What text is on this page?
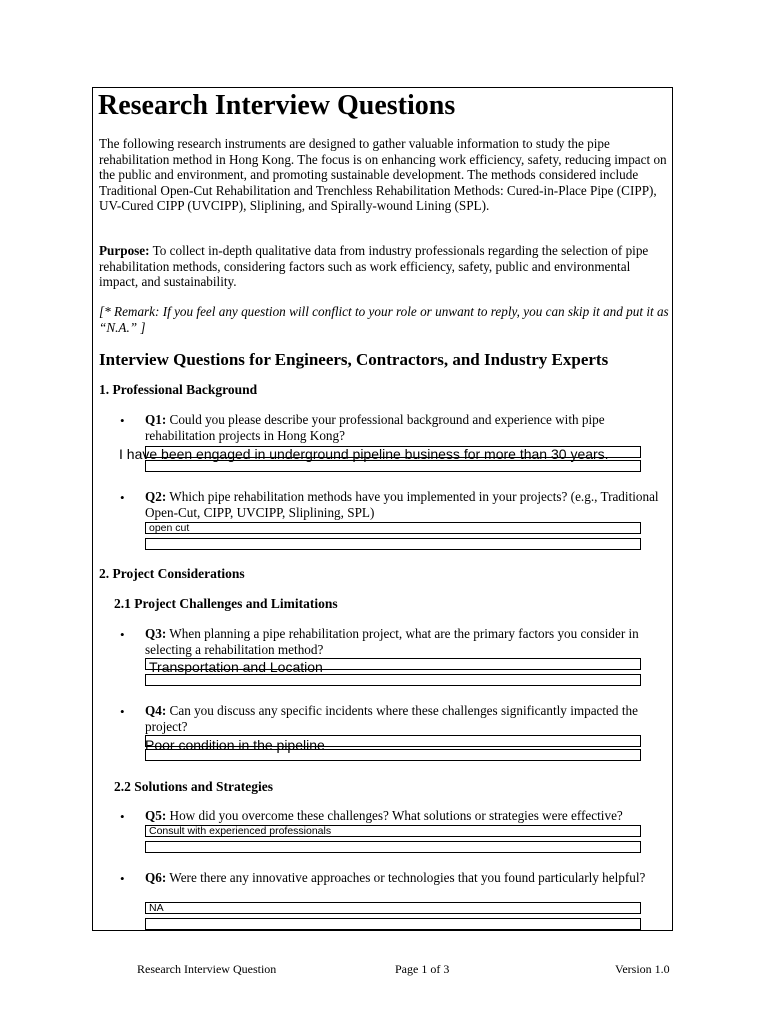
Research Interview Questions

The following research instruments are designed to gather valuable information to study the pipe rehabilitation method in Hong Kong. The focus is on enhancing work efficiency, safety, reducing impact on the public and environment, and promoting sustainable development. The methods considered include Traditional Open-Cut Rehabilitation and Trenchless Rehabilitation Methods: Cured-in-Place Pipe (CIPP), UV-Cured CIPP (UVCIPP), Sliplining, and Spirally-wound Lining (SPL).

Purpose: To collect in-depth qualitative data from industry professionals regarding the selection of pipe rehabilitation methods, considering factors such as work efficiency, safety, public and environmental impact, and sustainability.

[* Remark: If you feel any question will conflict to your role or unwant to reply, you can skip it and put it as “N.A.” ]

Interview Questions for Engineers, Contractors, and Industry Experts
1. Professional Background
• Q1: Could you please describe your professional background and experience with pipe rehabilitation projects in Hong Kong?

I have been engaged in underground pipeline business for more than 30 years.
• Q2: Which pipe rehabilitation methods have you implemented in your projects? (e.g., Traditional Open-Cut, CIPP, UVCIPP, Sliplining, SPL)

open cut
2. Project Considerations
2.1 Project Challenges and Limitations
• Q3: When planning a pipe rehabilitation project, what are the primary factors you consider in selecting a rehabilitation method?

Transportation and Location
• Q4: Can you discuss any specific incidents where these challenges significantly impacted the project?

Poor condition in the pipeline
2.2 Solutions and Strategies
• Q5: How did you overcome these challenges? What solutions or strategies were effective?

Consult with experienced professionals
• Q6: Were there any innovative approaches or technologies that you found particularly helpful?

NA
Research Interview Question	Page 1 of 3	Version 1.0
